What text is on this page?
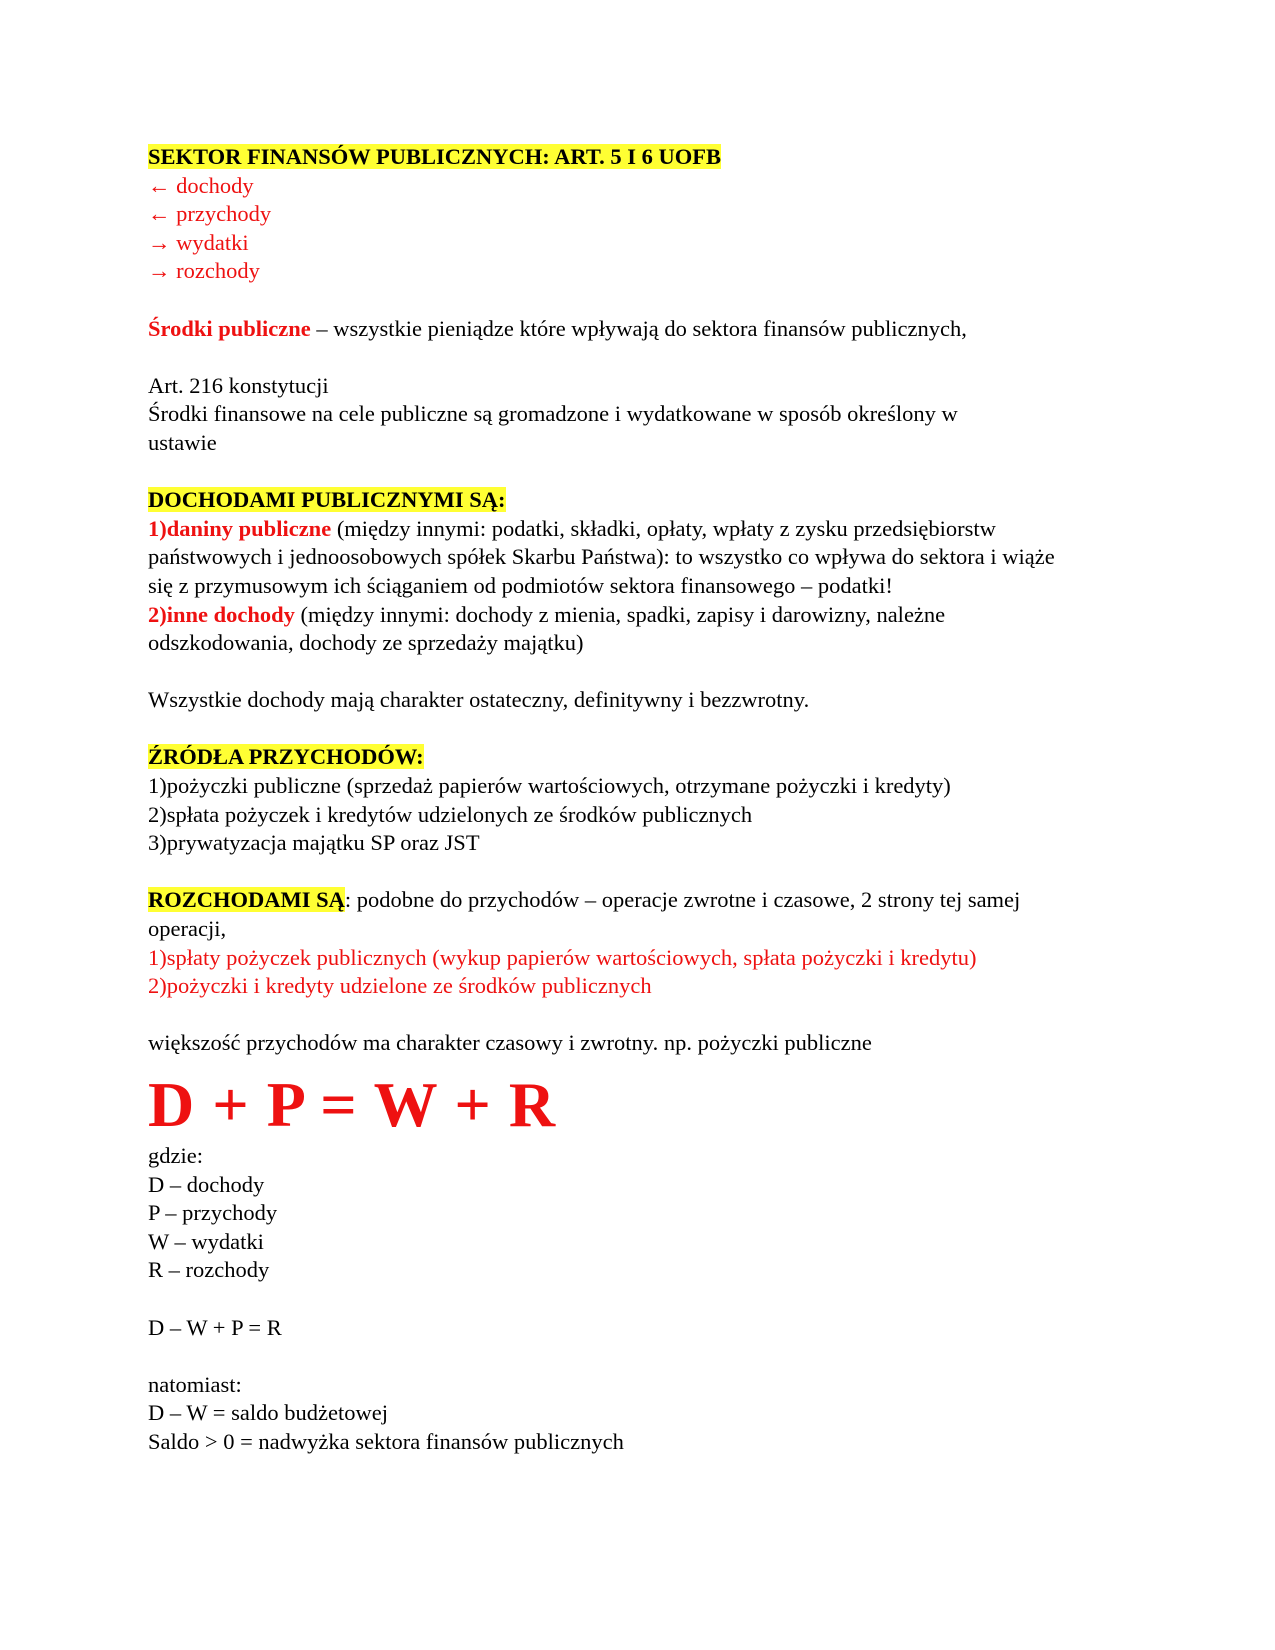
SEKTOR FINANSÓW PUBLICZNYCH: ART. 5 I 6 UOFB
← dochody
← przychody
→ wydatki
→ rozchody
Środki publiczne – wszystkie pieniądze które wpływają do sektora finansów publicznych,
Art. 216 konstytucji
Środki finansowe na cele publiczne są gromadzone i wydatkowane w sposób określony w ustawie
DOCHODAMI PUBLICZNYMI SĄ:
1)daniny publiczne (między innymi: podatki, składki, opłaty, wpłaty z zysku przedsiębiorstw państwowych i jednoosobowych spółek Skarbu Państwa): to wszystko co wpływa do sektora i wiąże się z przymusowym ich ściąganiem od podmiotów sektora finansowego – podatki!
2)inne dochody (między innymi: dochody z mienia, spadki, zapisy i darowizny, należne odszkodowania, dochody ze sprzedaży majątku)
Wszystkie dochody mają charakter ostateczny, definitywny i bezzwrotny.
ŹRÓDŁA PRZYCHODÓW:
1)pożyczki publiczne (sprzedaż papierów wartościowych, otrzymane pożyczki i kredyty)
2)spłata pożyczek i kredytów udzielonych ze środków publicznych
3)prywatyzacja majątku SP oraz JST
ROZCHODAMI SĄ: podobne do przychodów – operacje zwrotne i czasowe, 2 strony tej samej operacji,
1)spłaty pożyczek publicznych (wykup papierów wartościowych, spłata pożyczki i kredytu)
2)pożyczki i kredyty udzielone ze środków publicznych
większość przychodów ma charakter czasowy i zwrotny. np. pożyczki publiczne
D + P = W + R
gdzie:
D – dochody
P – przychody
W – wydatki
R – rozchody
D – W + P = R
natomiast:
D – W = saldo budżetowej
Saldo > 0 = nadwyżka sektora finansów publicznych
